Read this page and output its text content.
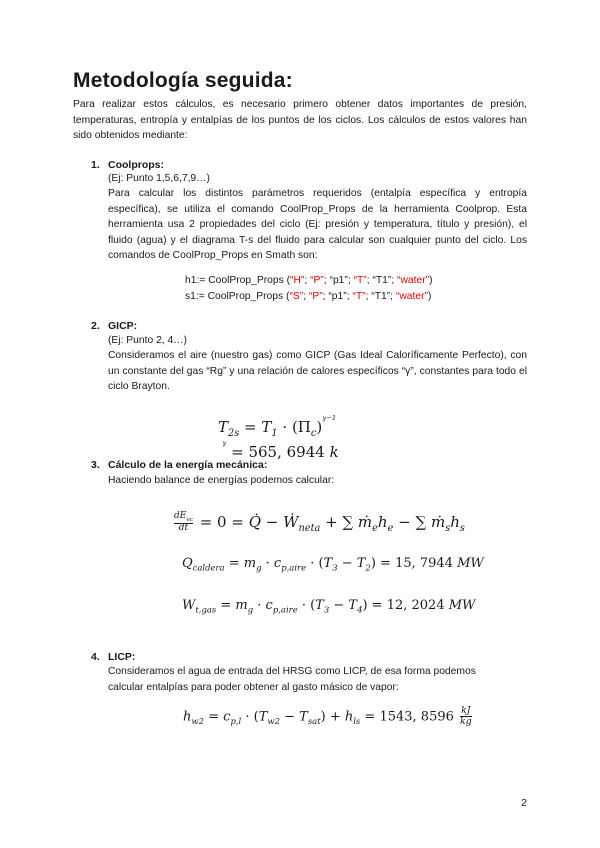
Metodología seguida:
Para realizar estos cálculos, es necesario primero obtener datos importantes de presión, temperaturas, entropía y entalpías de los puntos de los ciclos. Los cálculos de estos valores han sido obtenidos mediante:
1. Coolprops:
(Ej: Punto 1,5,6,7,9…)
Para calcular los distintos parámetros requeridos (entalpía específica y entropía específica), se utiliza el comando CoolProp_Props de la herramienta Coolprop. Esta herramienta usa 2 propiedades del ciclo (Ej: presión y temperatura, título y presión), el fluido (agua) y el diagrama T-s del fluido para calcular son cualquier punto del ciclo. Los comandos de CoolProp_Props en Smath son:
h1:= CoolProp_Props (“H”; “P”; “p1”; “T”; “T1”; “water”)
s1:= CoolProp_Props (“S”; “P”; “p1”; “T”; “T1”; “water”)
2. GICP:
(Ej: Punto 2, 4…)
Consideramos el aire (nuestro gas) como GICP (Gas Ideal Caloríficamente Perfecto), con un constante del gas “Rg” y una relación de calores específicos “γ”, constantes para todo el ciclo Brayton.
$T_{2s} = T_1 \cdot (\Pi_c)^{\gamma-1 \gamma} = 565$, 6944 k
3. Cálculo de la energía mecánica:
Haciendo balance de energías podemos calcular:
$\frac{dE_{vc}}{dt} = 0$ = Q̇ − Ẇ$_{neta}$ + ∑ $ṁ_eh_e$ − ∑ $ṁ_sh_s$
$Q_{caldera} = m_g \cdot c_{p,aire} \cdot (T_3 - T_2) = 15$, 7944 MW
$W_{t,gas} = m_g \cdot c_{p,aire} \cdot (T_3 - T_4) = 12$, 2024 MW
4. LICP:
Consideramos el agua de entrada del HRSG como LICP, de esa forma podemos calcular entalpías para poder obtener al gasto másico de vapor:
$h_{w2} = c_{p,l} \cdot (T_{w2} - T_{sat}) + h_{ls} = 1543$, $8596 \frac{kJ}{kg}$
2
